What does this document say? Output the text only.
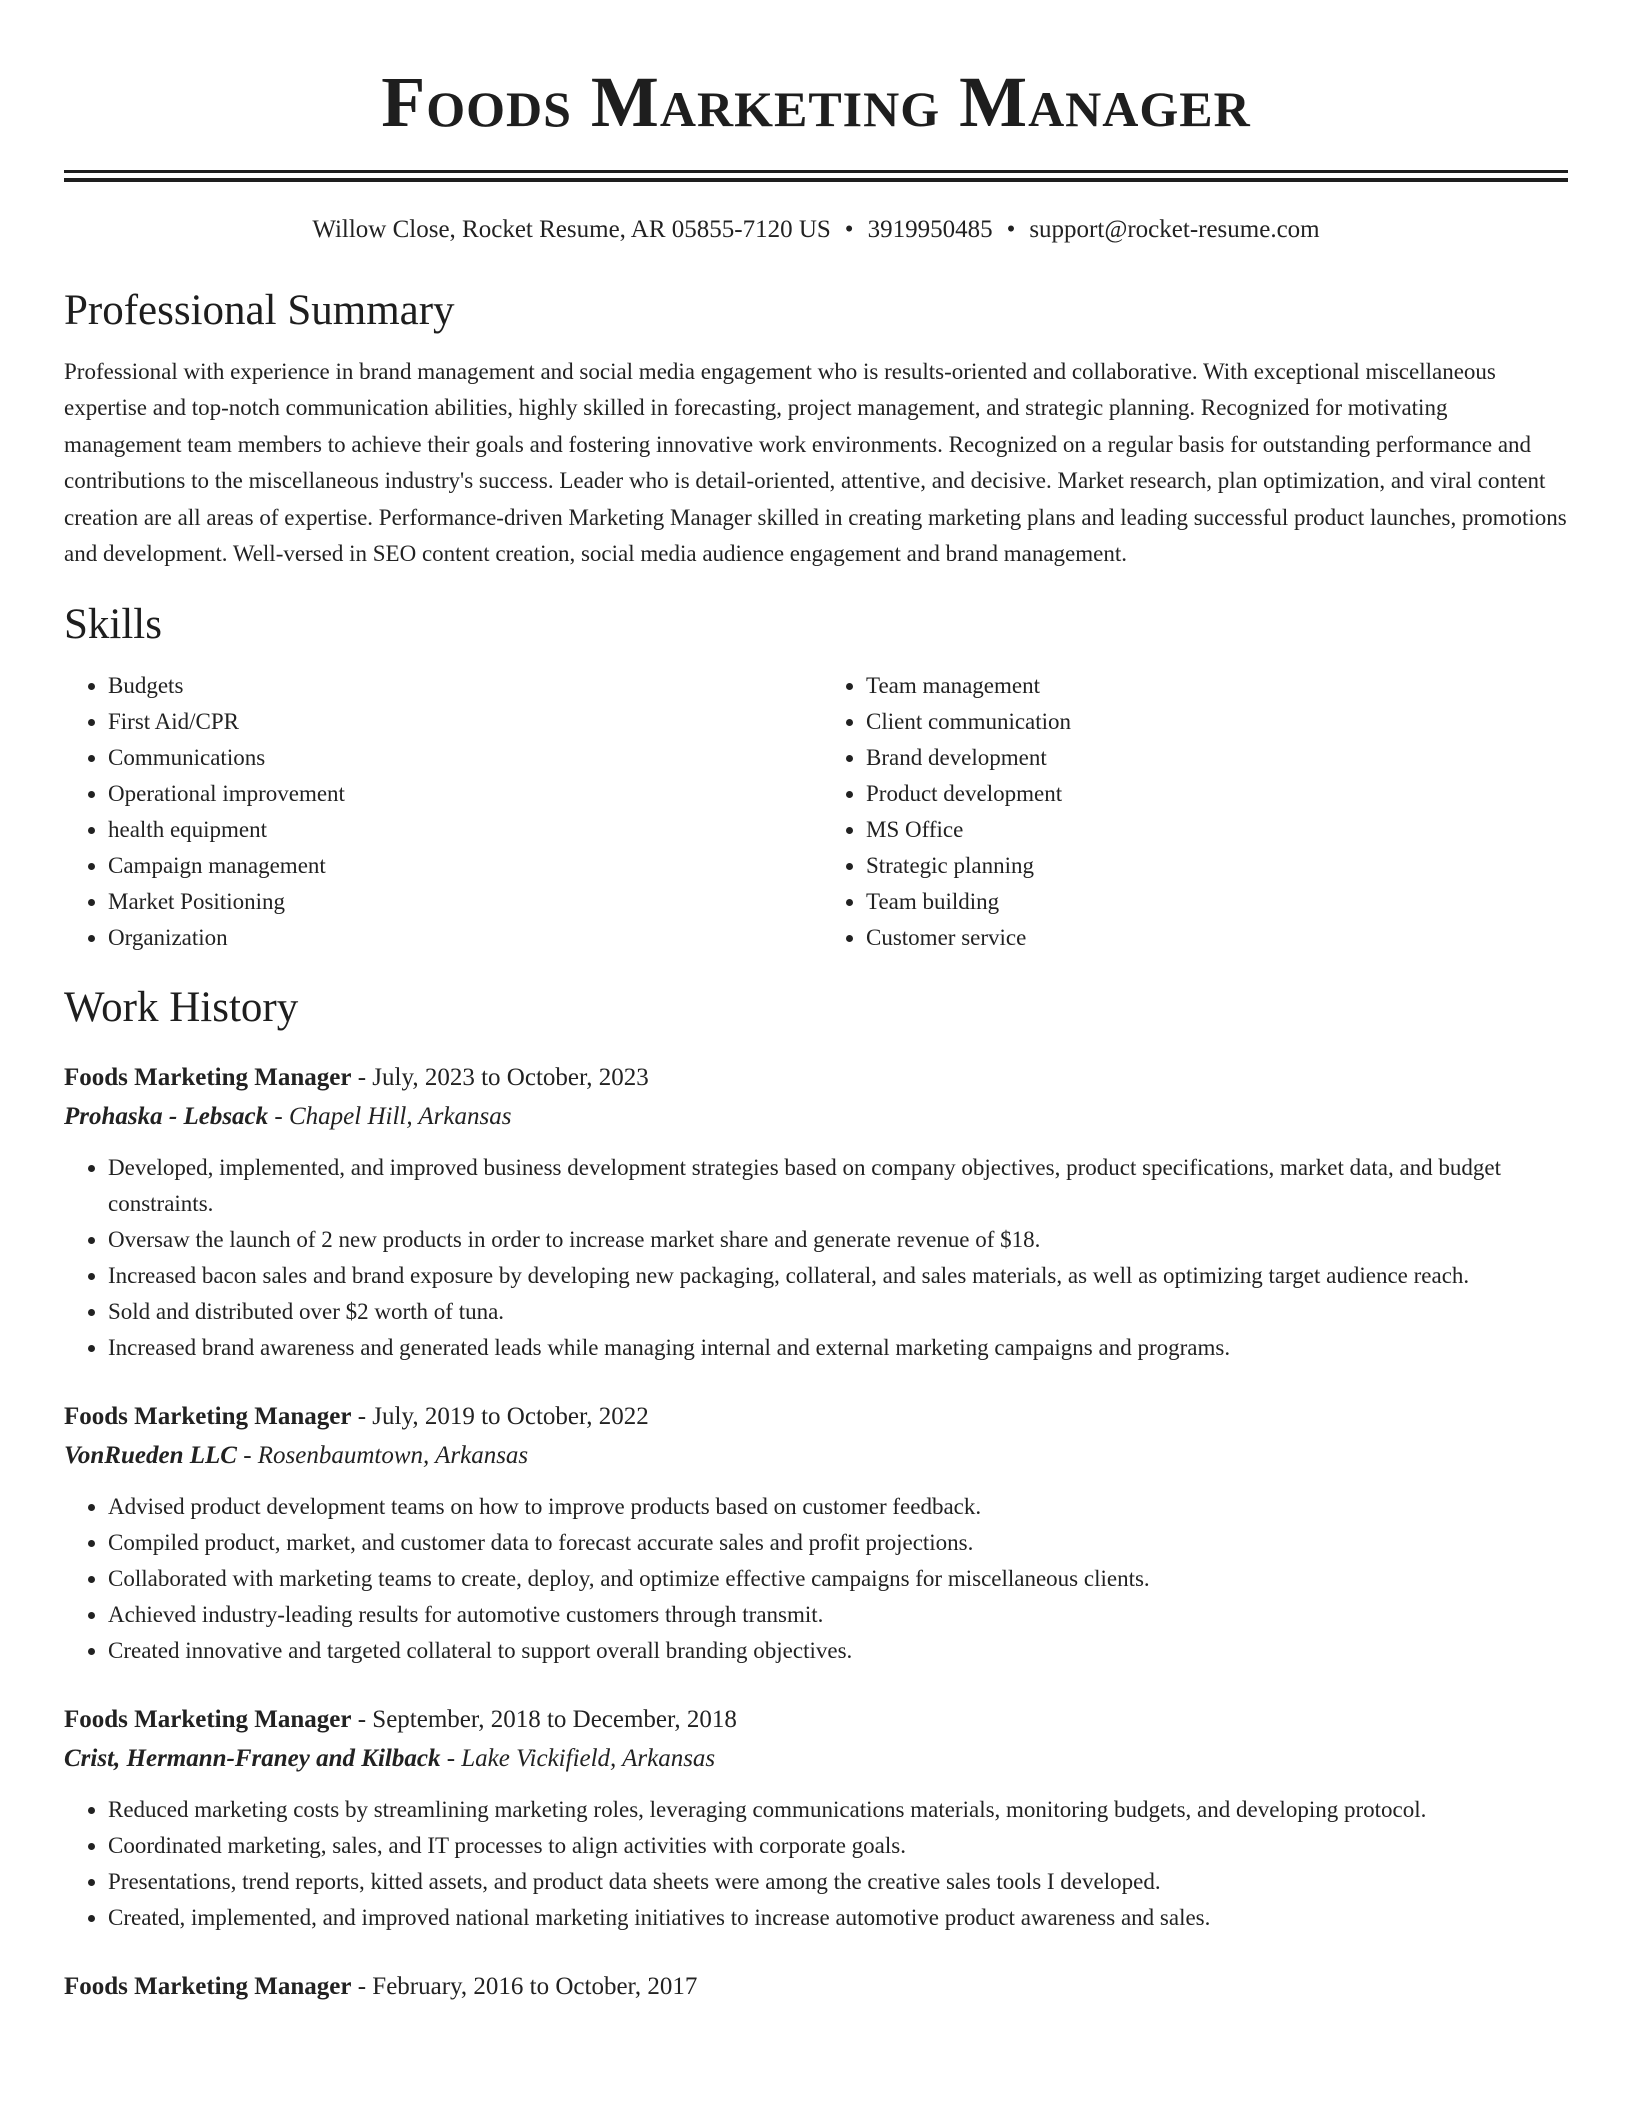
Foods Marketing Manager
Willow Close, Rocket Resume, AR 05855-7120 US • 3919950485 • support@rocket-resume.com
Professional Summary
Professional with experience in brand management and social media engagement who is results-oriented and collaborative. With exceptional miscellaneous expertise and top-notch communication abilities, highly skilled in forecasting, project management, and strategic planning. Recognized for motivating management team members to achieve their goals and fostering innovative work environments. Recognized on a regular basis for outstanding performance and contributions to the miscellaneous industry's success. Leader who is detail-oriented, attentive, and decisive. Market research, plan optimization, and viral content creation are all areas of expertise. Performance-driven Marketing Manager skilled in creating marketing plans and leading successful product launches, promotions and development. Well-versed in SEO content creation, social media audience engagement and brand management.
Skills
• Budgets
• First Aid/CPR
• Communications
• Operational improvement
• health equipment
• Campaign management
• Market Positioning
• Organization
• Team management
• Client communication
• Brand development
• Product development
• MS Office
• Strategic planning
• Team building
• Customer service
Work History
Foods Marketing Manager - July, 2023 to October, 2023
Prohaska - Lebsack - Chapel Hill, Arkansas
• Developed, implemented, and improved business development strategies based on company objectives, product specifications, market data, and budget constraints.
• Oversaw the launch of 2 new products in order to increase market share and generate revenue of $18.
• Increased bacon sales and brand exposure by developing new packaging, collateral, and sales materials, as well as optimizing target audience reach.
• Sold and distributed over $2 worth of tuna.
• Increased brand awareness and generated leads while managing internal and external marketing campaigns and programs.
Foods Marketing Manager - July, 2019 to October, 2022
VonRueden LLC - Rosenbaumtown, Arkansas
• Advised product development teams on how to improve products based on customer feedback.
• Compiled product, market, and customer data to forecast accurate sales and profit projections.
• Collaborated with marketing teams to create, deploy, and optimize effective campaigns for miscellaneous clients.
• Achieved industry-leading results for automotive customers through transmit.
• Created innovative and targeted collateral to support overall branding objectives.
Foods Marketing Manager - September, 2018 to December, 2018
Crist, Hermann-Franey and Kilback - Lake Vickifield, Arkansas
• Reduced marketing costs by streamlining marketing roles, leveraging communications materials, monitoring budgets, and developing protocol.
• Coordinated marketing, sales, and IT processes to align activities with corporate goals.
• Presentations, trend reports, kitted assets, and product data sheets were among the creative sales tools I developed.
• Created, implemented, and improved national marketing initiatives to increase automotive product awareness and sales.
Foods Marketing Manager - February, 2016 to October, 2017
